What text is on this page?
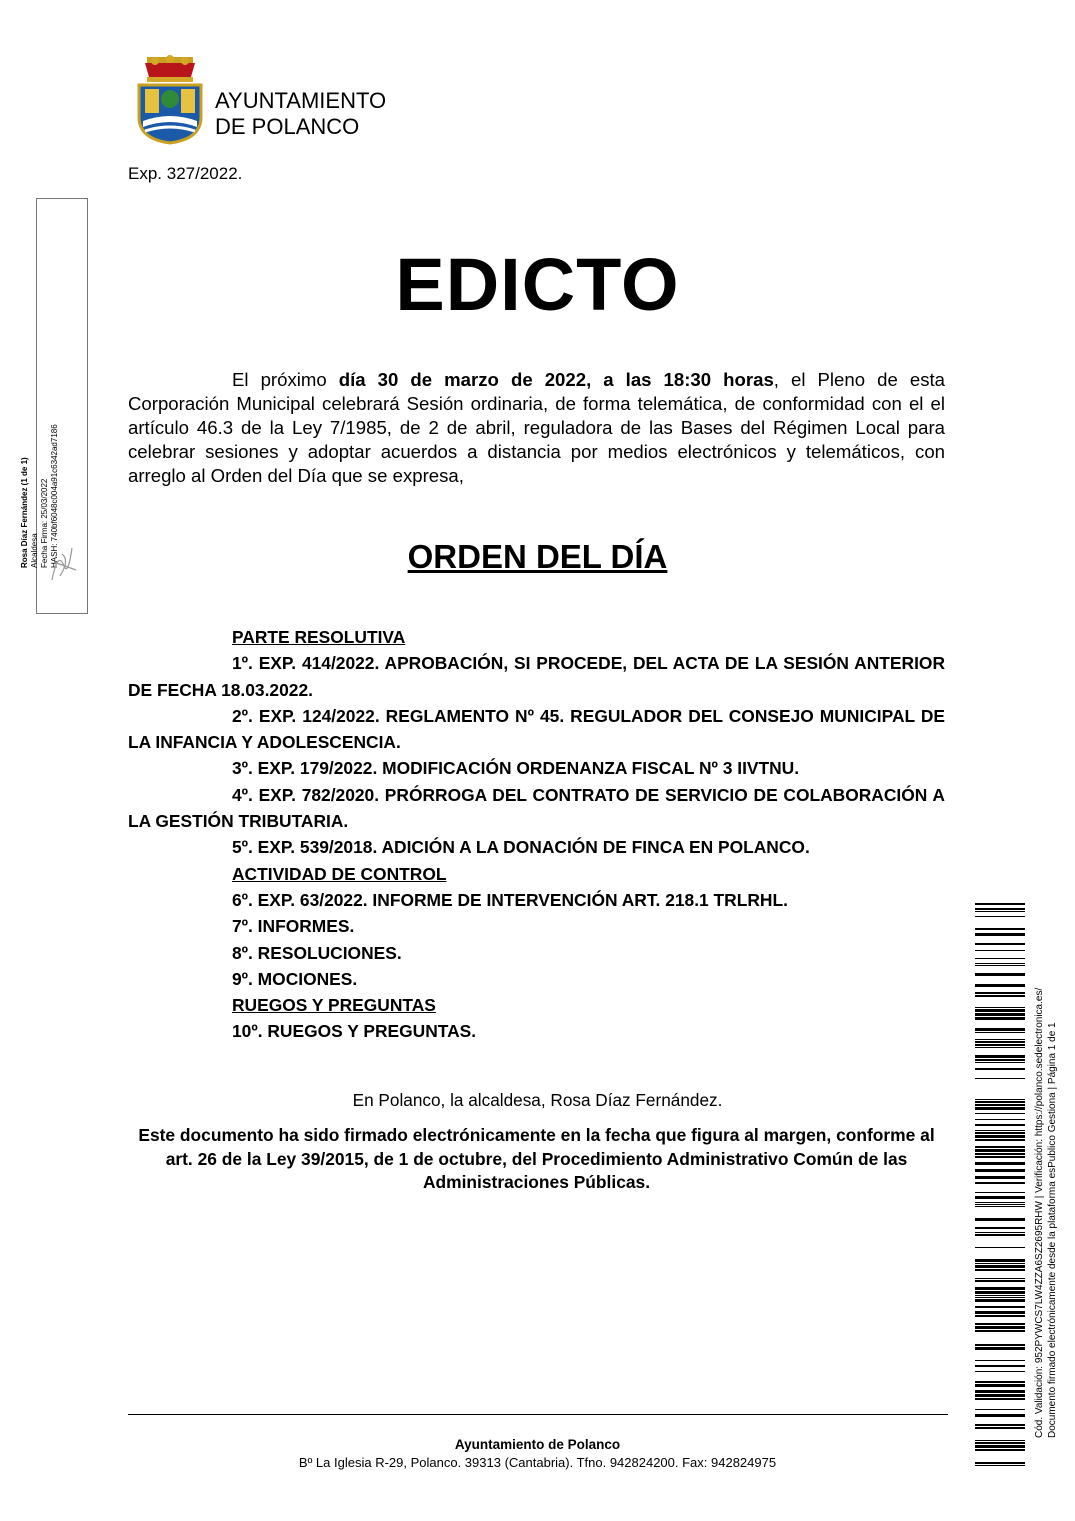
AYUNTAMIENTO
DE POLANCO
Exp. 327/2022.
Rosa Díaz Fernández (1 de 1) Alcaldesa Fecha Firma: 25/03/2022 HASH: 740bf6048c004a91c6342ad7186
EDICTO
El próximo día 30 de marzo de 2022, a las 18:30 horas, el Pleno de esta Corporación Municipal celebrará Sesión ordinaria, de forma telemática, de conformidad con el el artículo 46.3 de la Ley 7/1985, de 2 de abril, reguladora de las Bases del Régimen Local para celebrar sesiones y adoptar acuerdos a distancia por medios electrónicos y telemáticos, con arreglo al Orden del Día que se expresa,
ORDEN DEL DÍA
PARTE RESOLUTIVA
1º. EXP. 414/2022. APROBACIÓN, SI PROCEDE, DEL ACTA DE LA SESIÓN ANTERIOR DE FECHA 18.03.2022.
2º. EXP. 124/2022. REGLAMENTO Nº 45. REGULADOR DEL CONSEJO MUNICIPAL DE LA INFANCIA Y ADOLESCENCIA.
3º. EXP. 179/2022. MODIFICACIÓN ORDENANZA FISCAL Nº 3 IIVTNU.
4º. EXP. 782/2020. PRÓRROGA DEL CONTRATO DE SERVICIO DE COLABORACIÓN A LA GESTIÓN TRIBUTARIA.
5º. EXP. 539/2018. ADICIÓN A LA DONACIÓN DE FINCA EN POLANCO.
ACTIVIDAD DE CONTROL
6º. EXP. 63/2022. INFORME DE INTERVENCIÓN ART. 218.1 TRLRHL.
7º. INFORMES.
8º. RESOLUCIONES.
9º. MOCIONES.
RUEGOS Y PREGUNTAS
10º. RUEGOS Y PREGUNTAS.
En Polanco, la alcaldesa, Rosa Díaz Fernández.
Este documento ha sido firmado electrónicamente en la fecha que figura al margen, conforme al art. 26 de la Ley 39/2015, de 1 de octubre, del Procedimiento Administrativo Común de las Administraciones Públicas.
Ayuntamiento de Polanco
Bº La Iglesia R-29, Polanco. 39313 (Cantabria). Tfno. 942824200. Fax: 942824975
Cód. Validación: 952PYWCS7LW4ZZA6SZ2695RHW | Verificación: https://polanco.sedelectronica.es/ Documento firmado electrónicamente desde la plataforma esPublico Gestiona | Página 1 de 1
